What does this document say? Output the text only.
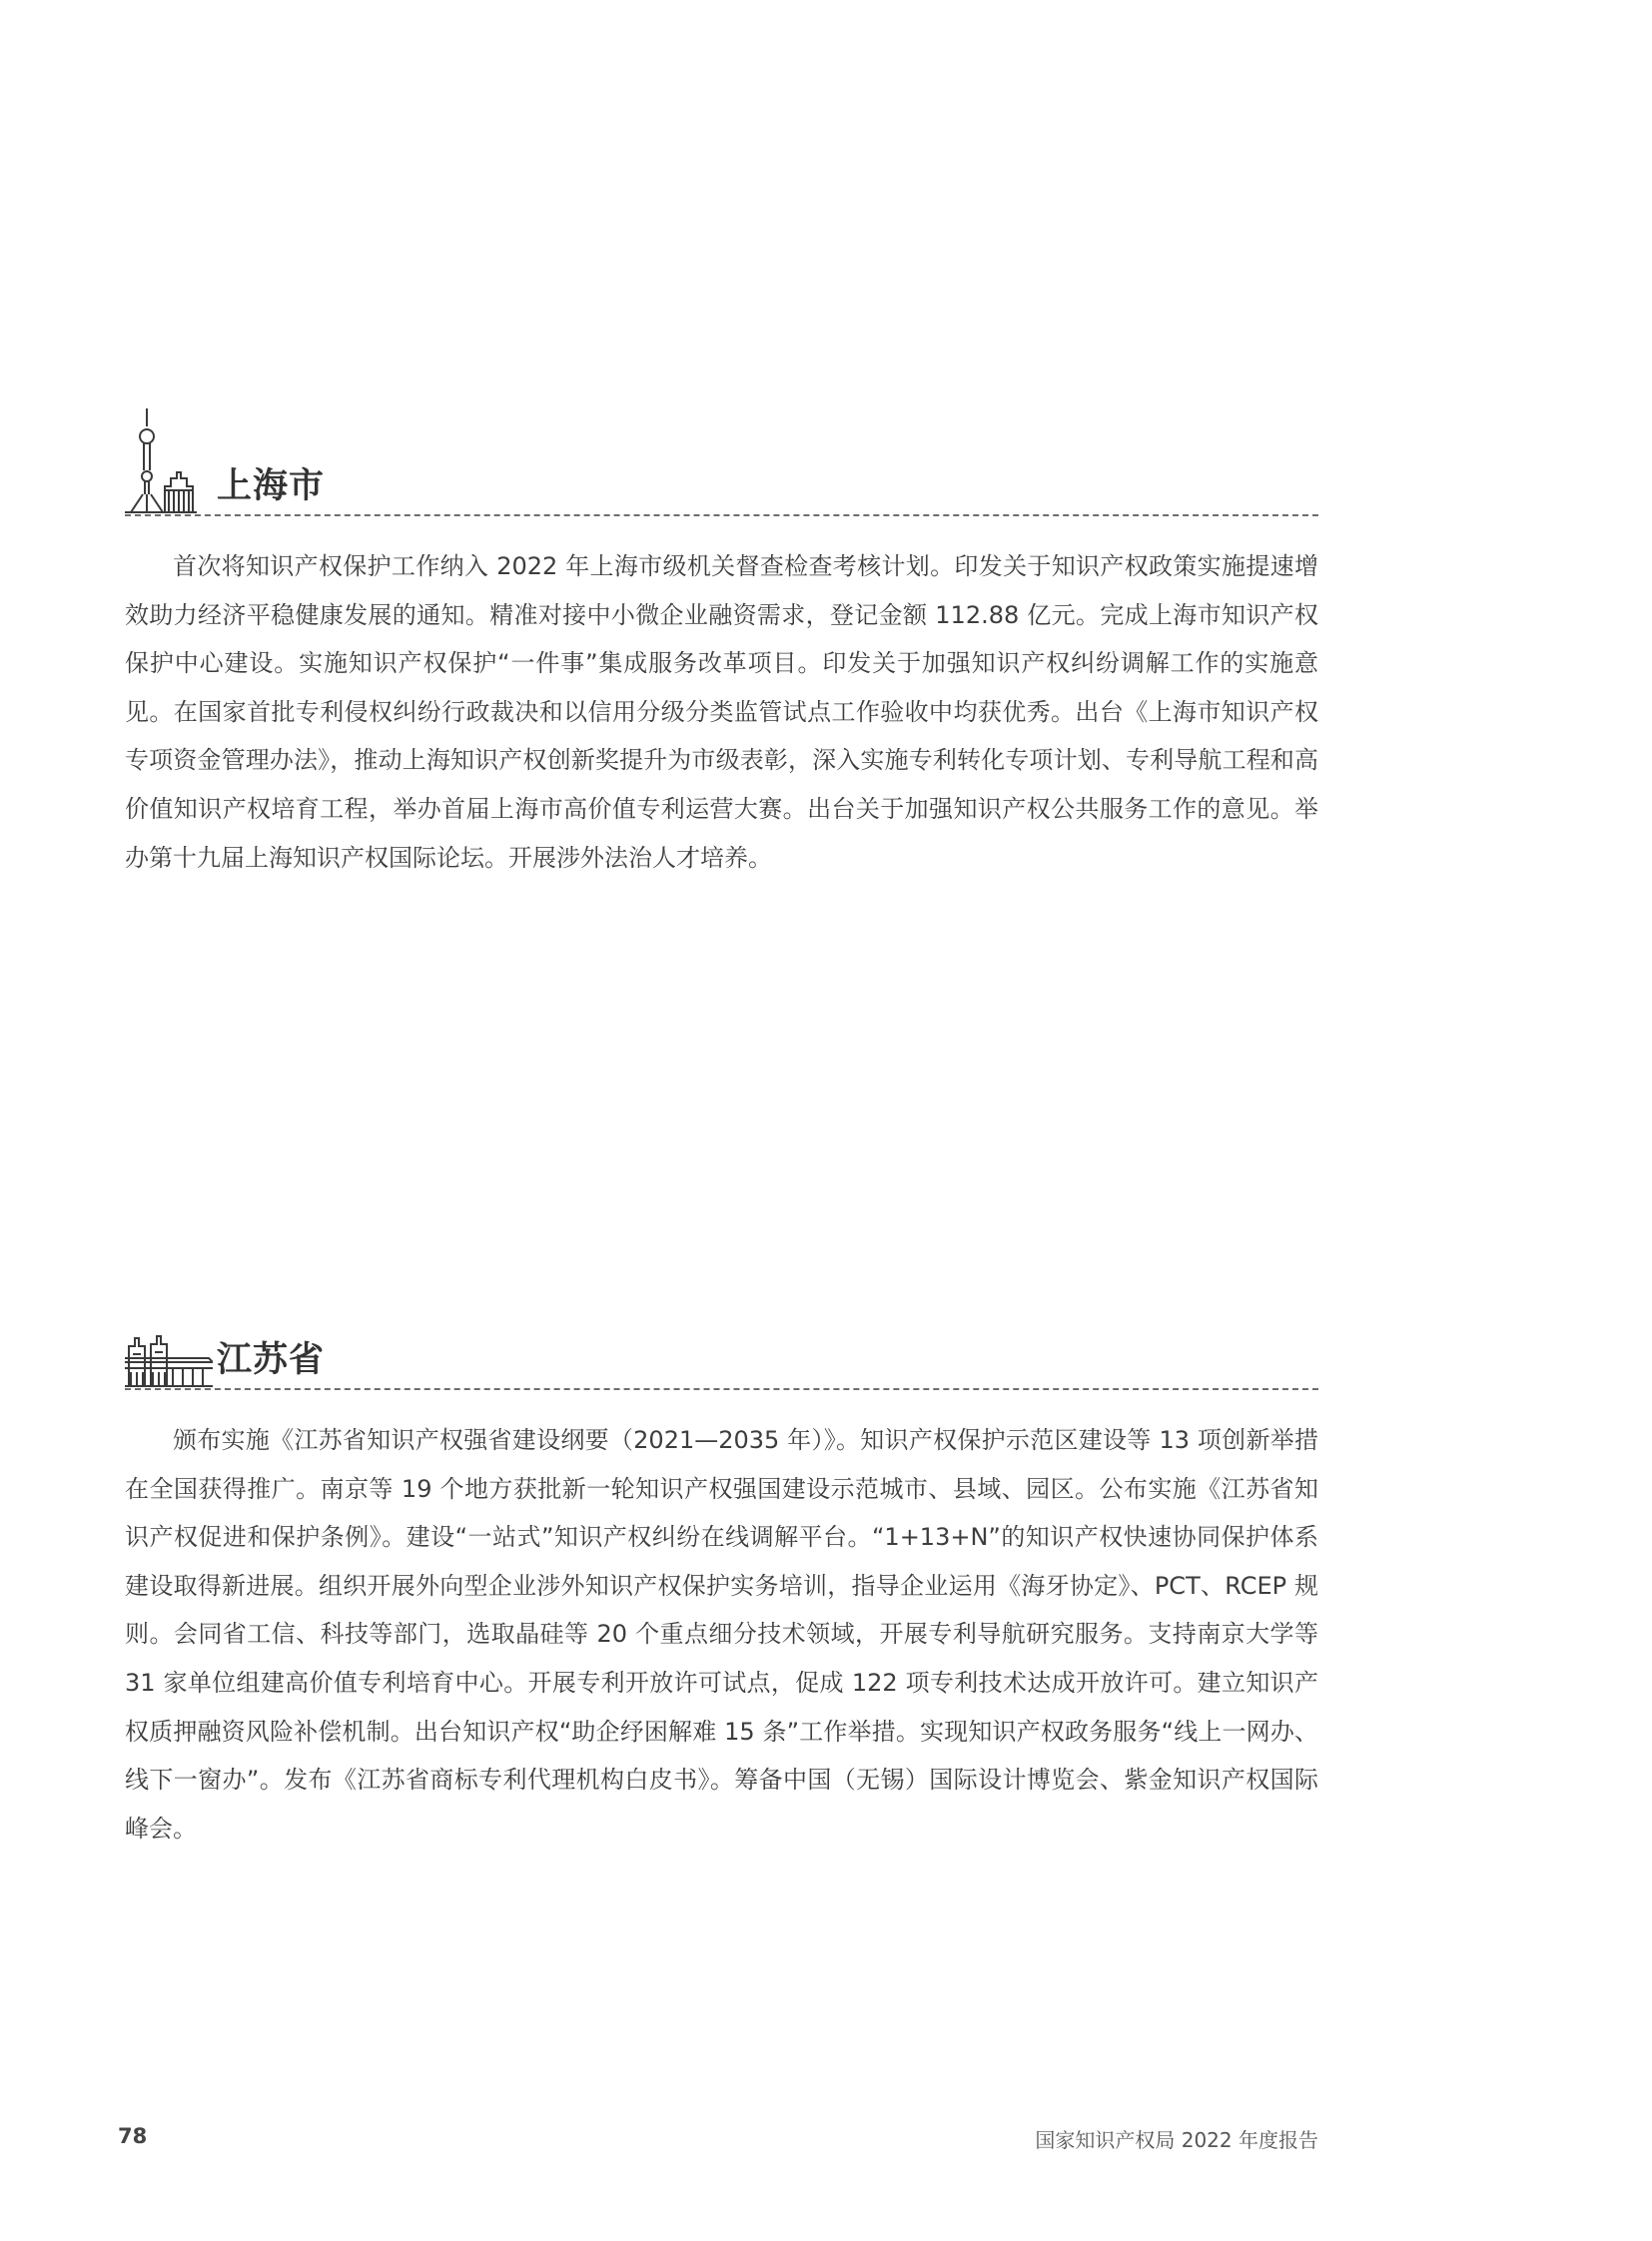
上海市

首次将知识产权保护工作纳入 2022 年上海市级机关督查检查考核计划。印发关于知识产权政策实施提速增效助力经济平稳健康发展的通知。精准对接中小微企业融资需求，登记金额 112.88 亿元。完成上海市知识产权保护中心建设。实施知识产权保护“一件事”集成服务改革项目。印发关于加强知识产权纠纷调解工作的实施意见。在国家首批专利侵权纠纷行政裁决和以信用分级分类监管试点工作验收中均获优秀。出台《上海市知识产权专项资金管理办法》，推动上海知识产权创新奖提升为市级表彰，深入实施专利转化专项计划、专利导航工程和高价值知识产权培育工程，举办首届上海市高价值专利运营大赛。出台关于加强知识产权公共服务工作的意见。举办第十九届上海知识产权国际论坛。开展涉外法治人才培养。

江苏省

颁布实施《江苏省知识产权强省建设纲要（2021—2035 年）》。知识产权保护示范区建设等 13 项创新举措在全国获得推广。南京等 19 个地方获批新一轮知识产权强国建设示范城市、县域、园区。公布实施《江苏省知识产权促进和保护条例》。建设“一站式”知识产权纠纷在线调解平台。“1+13+N”的知识产权快速协同保护体系建设取得新进展。组织开展外向型企业涉外知识产权保护实务培训，指导企业运用《海牙协定》、PCT、RCEP 规则。会同省工信、科技等部门，选取晶硅等 20 个重点细分技术领域，开展专利导航研究服务。支持南京大学等 31 家单位组建高价值专利培育中心。开展专利开放许可试点，促成 122 项专利技术达成开放许可。建立知识产权质押融资风险补偿机制。出台知识产权“助企纾困解难 15 条”工作举措。实现知识产权政务服务“线上一网办、线下一窗办”。发布《江苏省商标专利代理机构白皮书》。筹备中国（无锡）国际设计博览会、紫金知识产权国际峰会。

78	国家知识产权局 2022 年度报告
